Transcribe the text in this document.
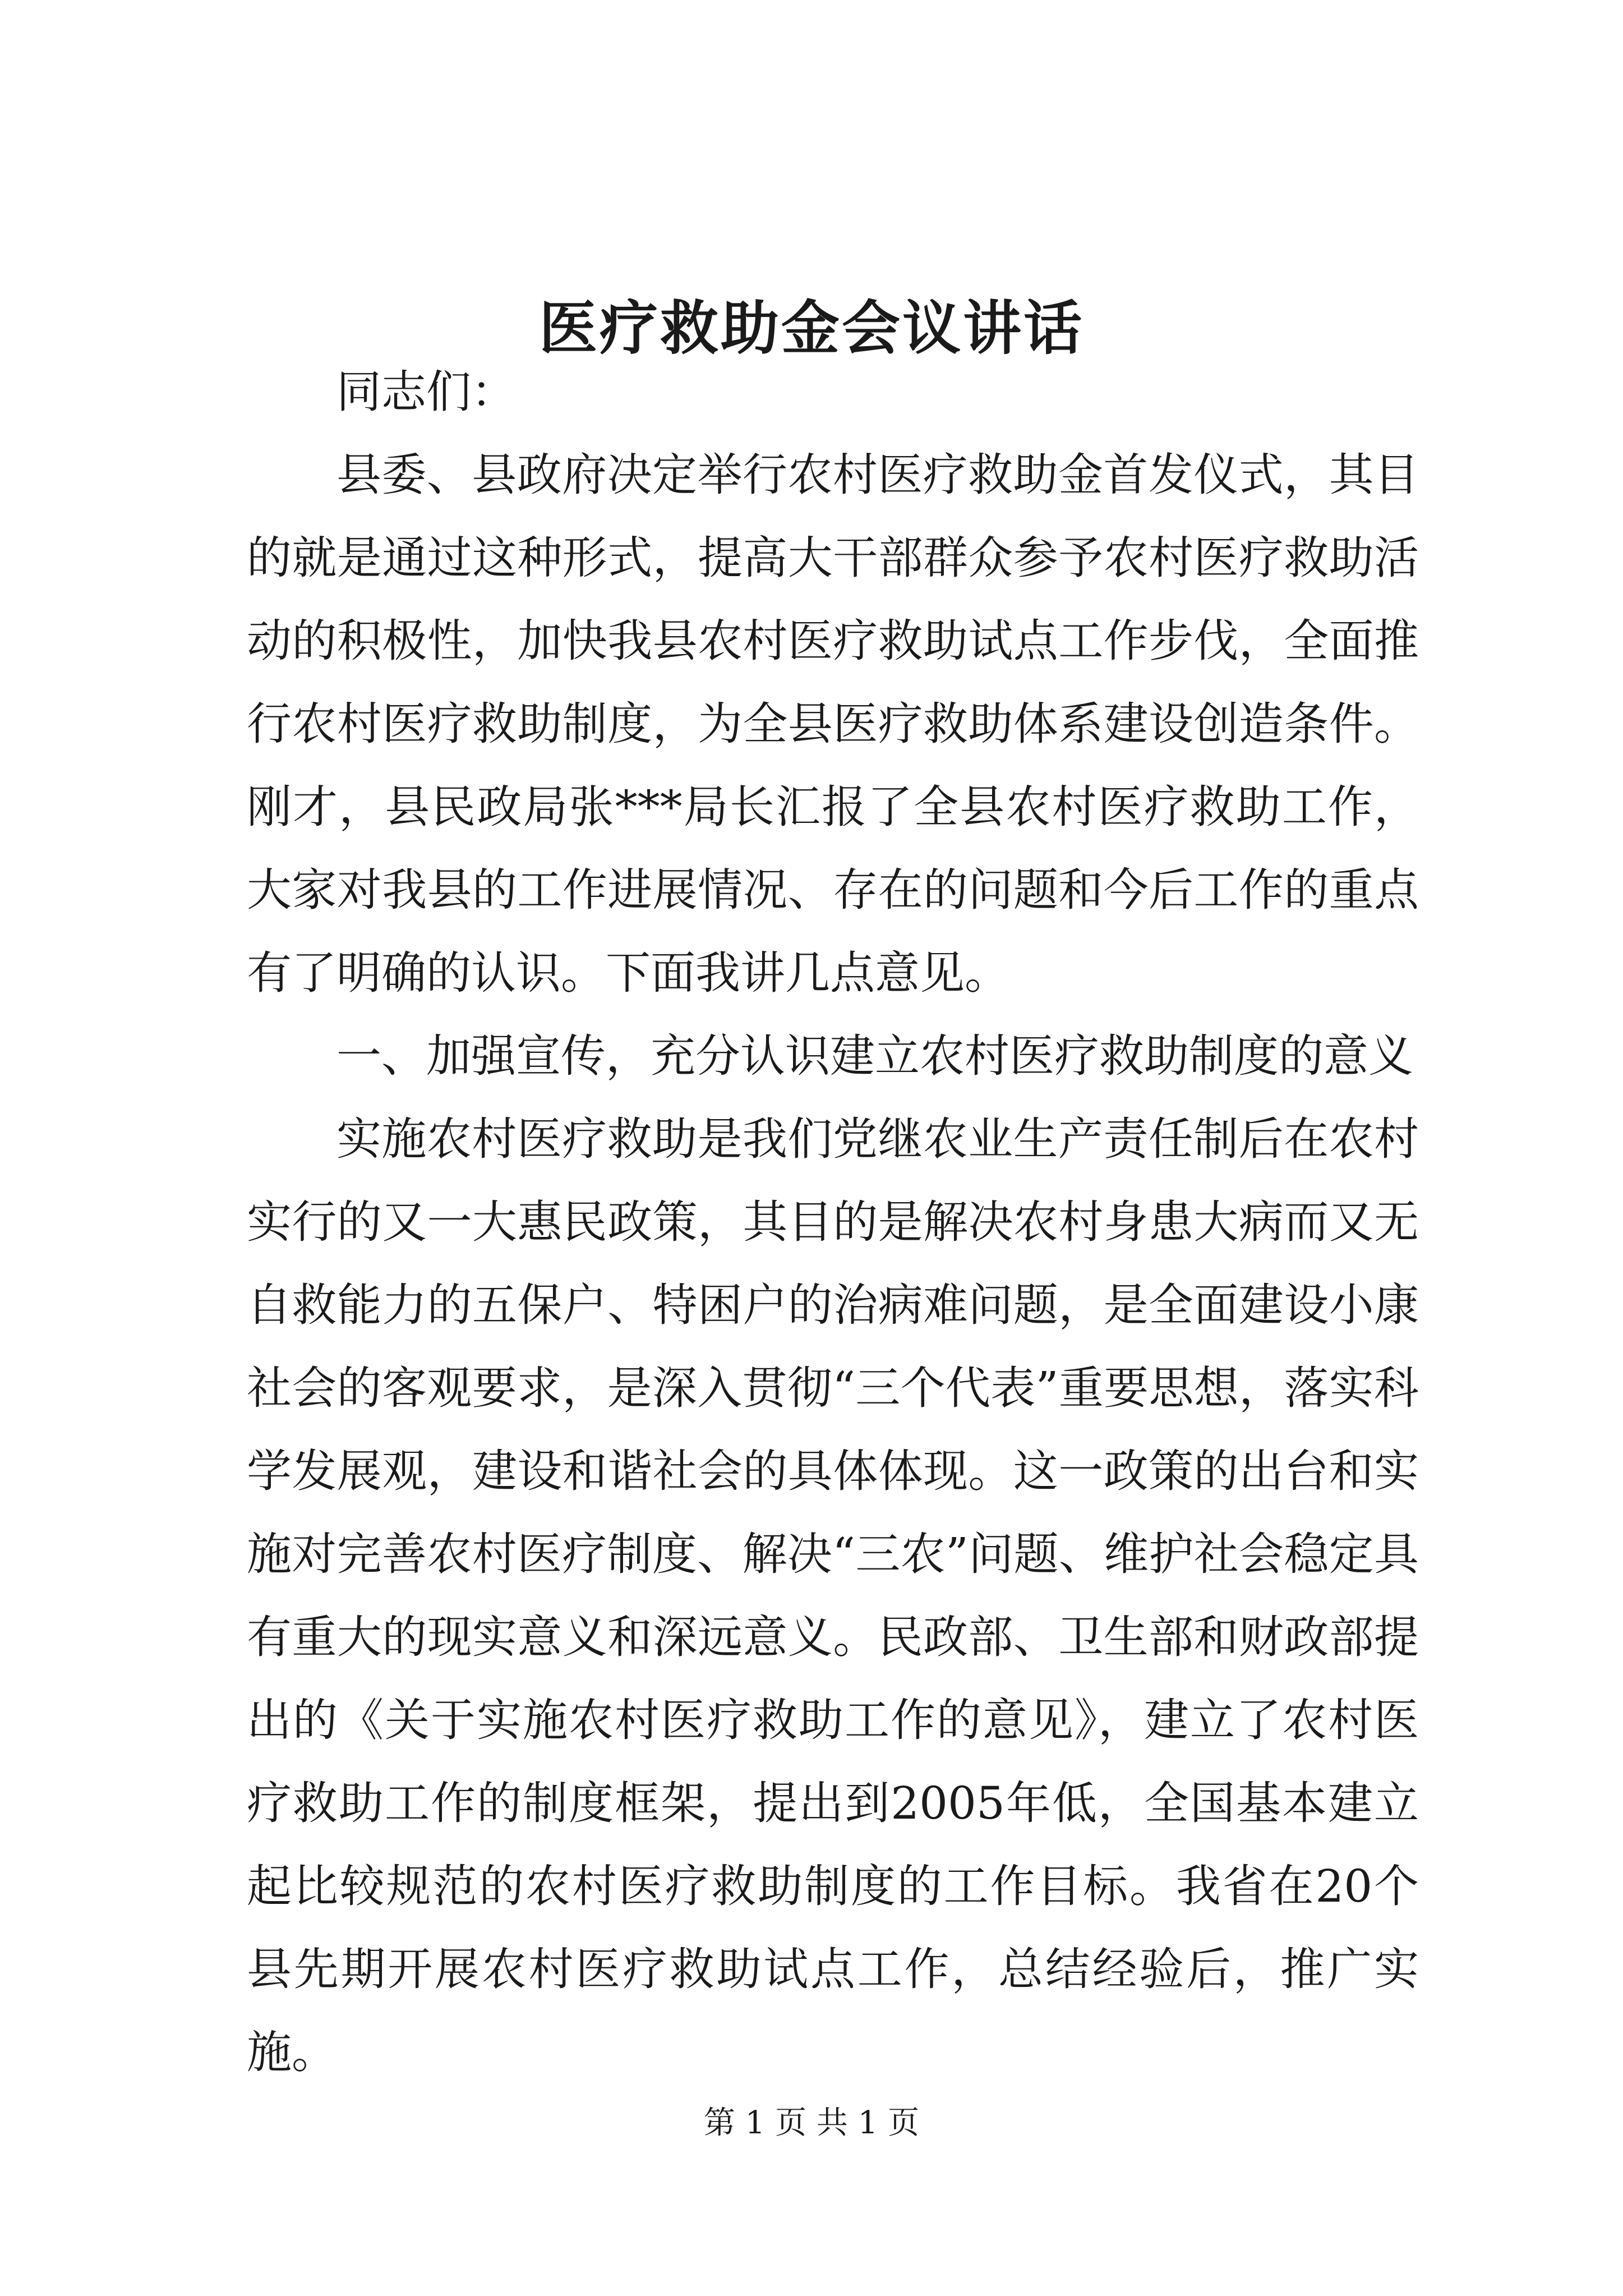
医疗救助金会议讲话

同志们：

县委、县政府决定举行农村医疗救助金首发仪式，其目的就是通过这种形式，提高大干部群众参予农村医疗救助活动的积极性，加快我县农村医疗救助试点工作步伐，全面推行农村医疗救助制度，为全县医疗救助体系建设创造条件。刚才，县民政局张***局长汇报了全县农村医疗救助工作，大家对我县的工作进展情况、存在的问题和今后工作的重点有了明确的认识。下面我讲几点意见。

一、加强宣传，充分认识建立农村医疗救助制度的意义

实施农村医疗救助是我们党继农业生产责任制后在农村实行的又一大惠民政策，其目的是解决农村身患大病而又无自救能力的五保户、特困户的治病难问题，是全面建设小康社会的客观要求，是深入贯彻“三个代表”重要思想，落实科学发展观，建设和谐社会的具体体现。这一政策的出台和实施对完善农村医疗制度、解决“三农”问题、维护社会稳定具有重大的现实意义和深远意义。民政部、卫生部和财政部提出的《关于实施农村医疗救助工作的意见》，建立了农村医疗救助工作的制度框架，提出到2005年低，全国基本建立起比较规范的农村医疗救助制度的工作目标。我省在20个县先期开展农村医疗救助试点工作，总结经验后，推广实施。

第 1 页 共 1 页
